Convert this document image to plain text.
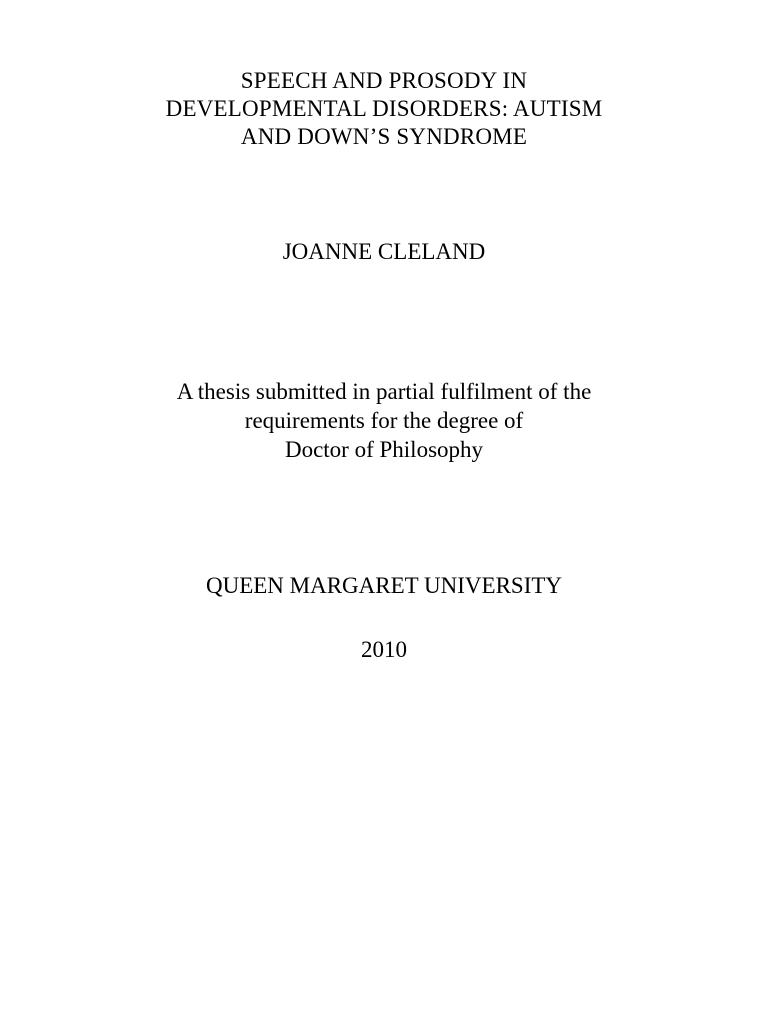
SPEECH AND PROSODY IN
DEVELOPMENTAL DISORDERS: AUTISM
AND DOWN’S SYNDROME

JOANNE CLELAND

A thesis submitted in partial fulfilment of the
requirements for the degree of
Doctor of Philosophy

QUEEN MARGARET UNIVERSITY

2010
